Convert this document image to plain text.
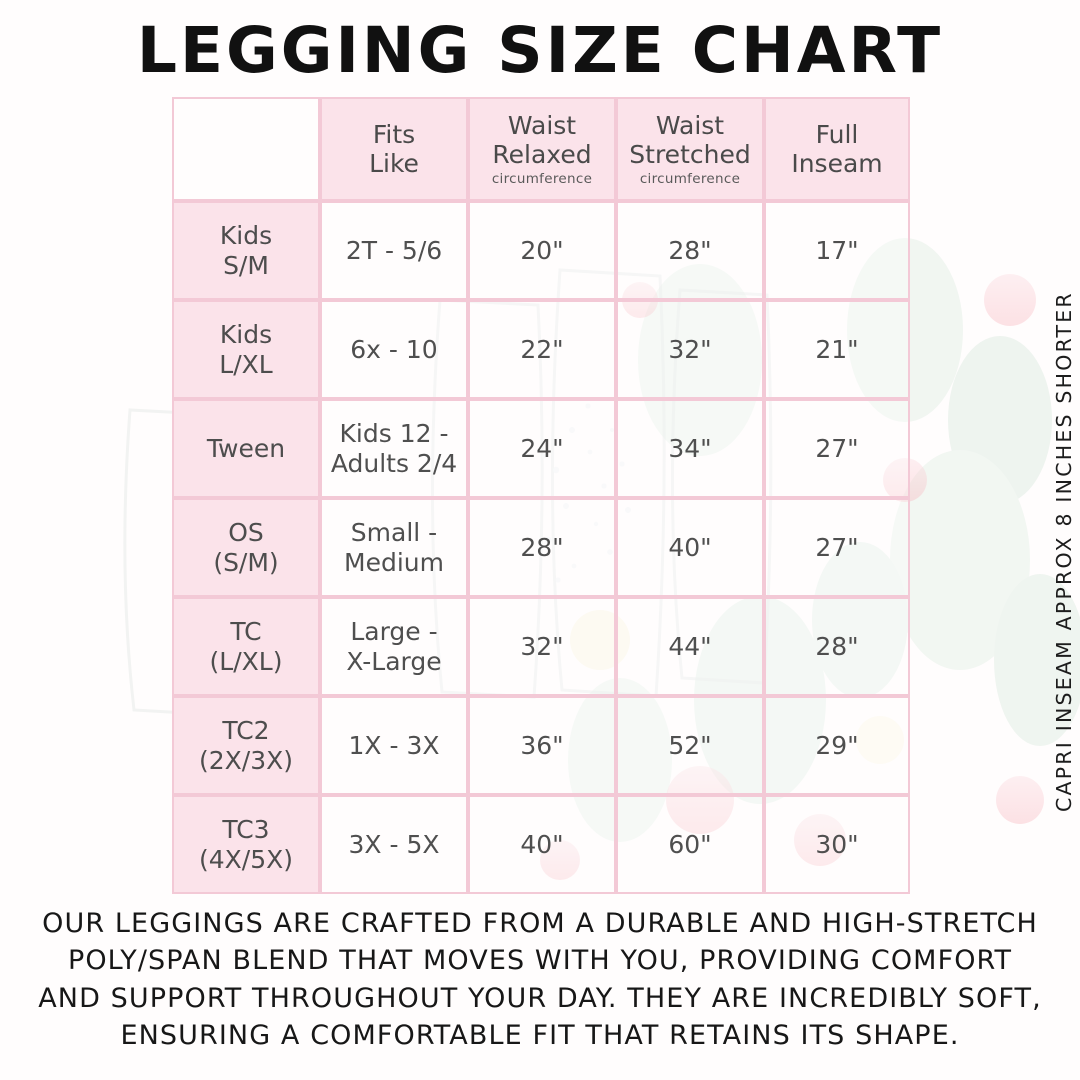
LEGGING SIZE CHART
	Fits
Like	Waist
Relaxed
circumference	Waist
Stretched
circumference	Full
Inseam
Kids
S/M	2T - 5/6	20"	28"	17"
Kids
L/XL	6x - 10	22"	32"	21"
Tween	Kids 12 -
Adults 2/4	24"	34"	27"
OS
(S/M)	Small -
Medium	28"	40"	27"
TC
(L/XL)	Large -
X-Large	32"	44"	28"
TC2
(2X/3X)	1X - 3X	36"	52"	29"
TC3
(4X/5X)	3X - 5X	40"	60"	30"
CAPRI INSEAM APPROX 8 INCHES SHORTER
OUR LEGGINGS ARE CRAFTED FROM A DURABLE AND HIGH-STRETCH
POLY/SPAN BLEND THAT MOVES WITH YOU, PROVIDING COMFORT
AND SUPPORT THROUGHOUT YOUR DAY. THEY ARE INCREDIBLY SOFT,
ENSURING A COMFORTABLE FIT THAT RETAINS ITS SHAPE.
